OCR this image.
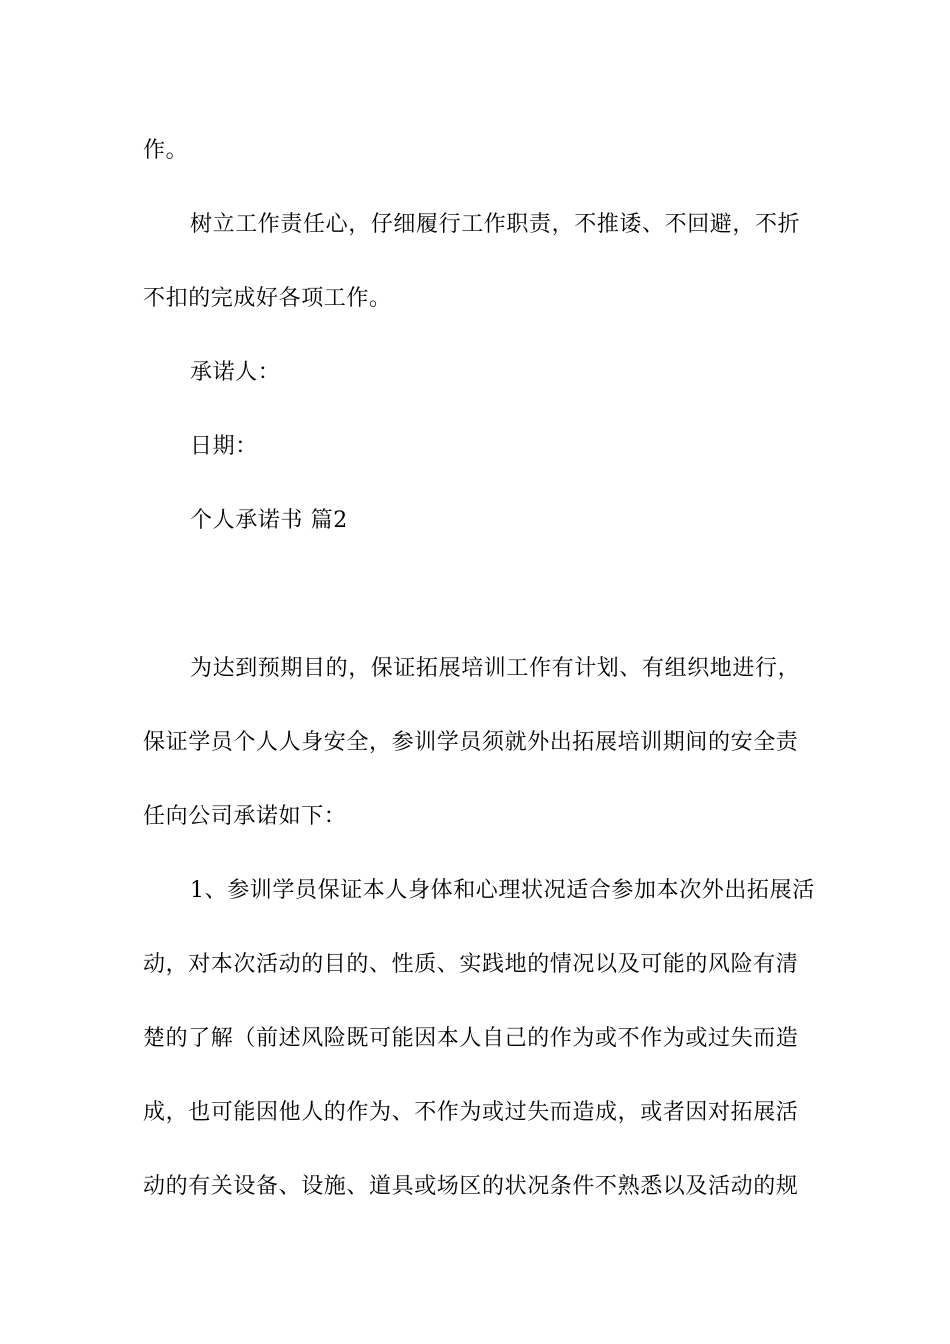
作。
树立工作责任心，仔细履行工作职责，不推诿、不回避，不折
不扣的完成好各项工作。
承诺人：
日期：
个人承诺书 篇2
为达到预期目的，保证拓展培训工作有计划、有组织地进行，
保证学员个人人身安全，参训学员须就外出拓展培训期间的安全责
任向公司承诺如下：
1、参训学员保证本人身体和心理状况适合参加本次外出拓展活
动，对本次活动的目的、性质、实践地的情况以及可能的风险有清
楚的了解（前述风险既可能因本人自己的作为或不作为或过失而造
成，也可能因他人的作为、不作为或过失而造成，或者因对拓展活
动的有关设备、设施、道具或场区的状况条件不熟悉以及活动的规
